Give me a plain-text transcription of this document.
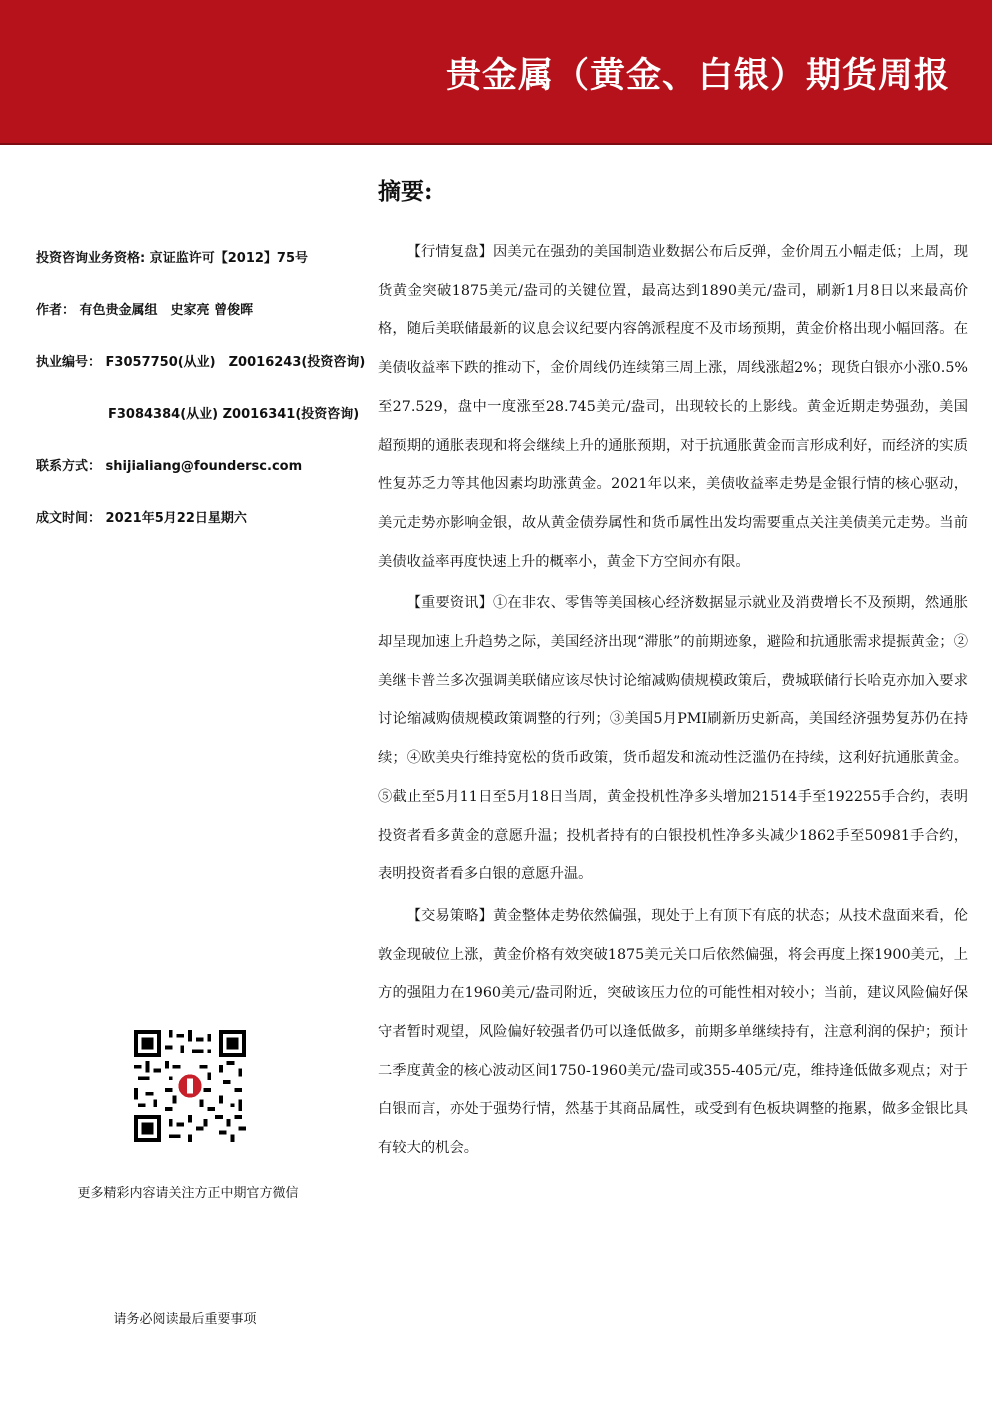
贵金属（黄金、白银）期货周报
摘要:
投资咨询业务资格: 京证监许可【2012】75号
作者： 有色贵金属组　史家亮 曾俊晖
执业编号： F3057750(从业)　Z0016243(投资咨询)
F3084384(从业) Z0016341(投资咨询)
联系方式： shijialiang@foundersc.com
成文时间： 2021年5月22日星期六

【行情复盘】因美元在强劲的美国制造业数据公布后反弹，金价周五小幅走低；上周，现货黄金突破1875美元/盎司的关键位置，最高达到1890美元/盎司，刷新1月8日以来最高价格，随后美联储最新的议息会议纪要内容鸽派程度不及市场预期，黄金价格出现小幅回落。在美债收益率下跌的推动下，金价周线仍连续第三周上涨，周线涨超2%；现货白银亦小涨0.5%至27.529，盘中一度涨至28.745美元/盎司，出现较长的上影线。黄金近期走势强劲，美国超预期的通胀表现和将会继续上升的通胀预期，对于抗通胀黄金而言形成利好，而经济的实质性复苏乏力等其他因素均助涨黄金。2021年以来，美债收益率走势是金银行情的核心驱动，美元走势亦影响金银，故从黄金债券属性和货币属性出发均需要重点关注美债美元走势。当前美债收益率再度快速上升的概率小，黄金下方空间亦有限。

【重要资讯】①在非农、零售等美国核心经济数据显示就业及消费增长不及预期，然通胀却呈现加速上升趋势之际，美国经济出现“滞胀”的前期迹象，避险和抗通胀需求提振黄金；②美继卡普兰多次强调美联储应该尽快讨论缩减购债规模政策后，费城联储行长哈克亦加入要求讨论缩减购债规模政策调整的行列；③美国5月PMI刷新历史新高，美国经济强势复苏仍在持续；④欧美央行维持宽松的货币政策，货币超发和流动性泛滥仍在持续，这利好抗通胀黄金。⑤截止至5月11日至5月18日当周，黄金投机性净多头增加21514手至192255手合约，表明投资者看多黄金的意愿升温；投机者持有的白银投机性净多头减少1862手至50981手合约，表明投资者看多白银的意愿升温。

【交易策略】黄金整体走势依然偏强，现处于上有顶下有底的状态；从技术盘面来看，伦敦金现破位上涨，黄金价格有效突破1875美元关口后依然偏强，将会再度上探1900美元，上方的强阻力在1960美元/盎司附近，突破该压力位的可能性相对较小；当前，建议风险偏好保守者暂时观望，风险偏好较强者仍可以逢低做多，前期多单继续持有，注意利润的保护；预计二季度黄金的核心波动区间1750-1960美元/盎司或355-405元/克，维持逢低做多观点；对于白银而言，亦处于强势行情，然基于其商品属性，或受到有色板块调整的拖累，做多金银比具有较大的机会。

更多精彩内容请关注方正中期官方微信
请务必阅读最后重要事项
